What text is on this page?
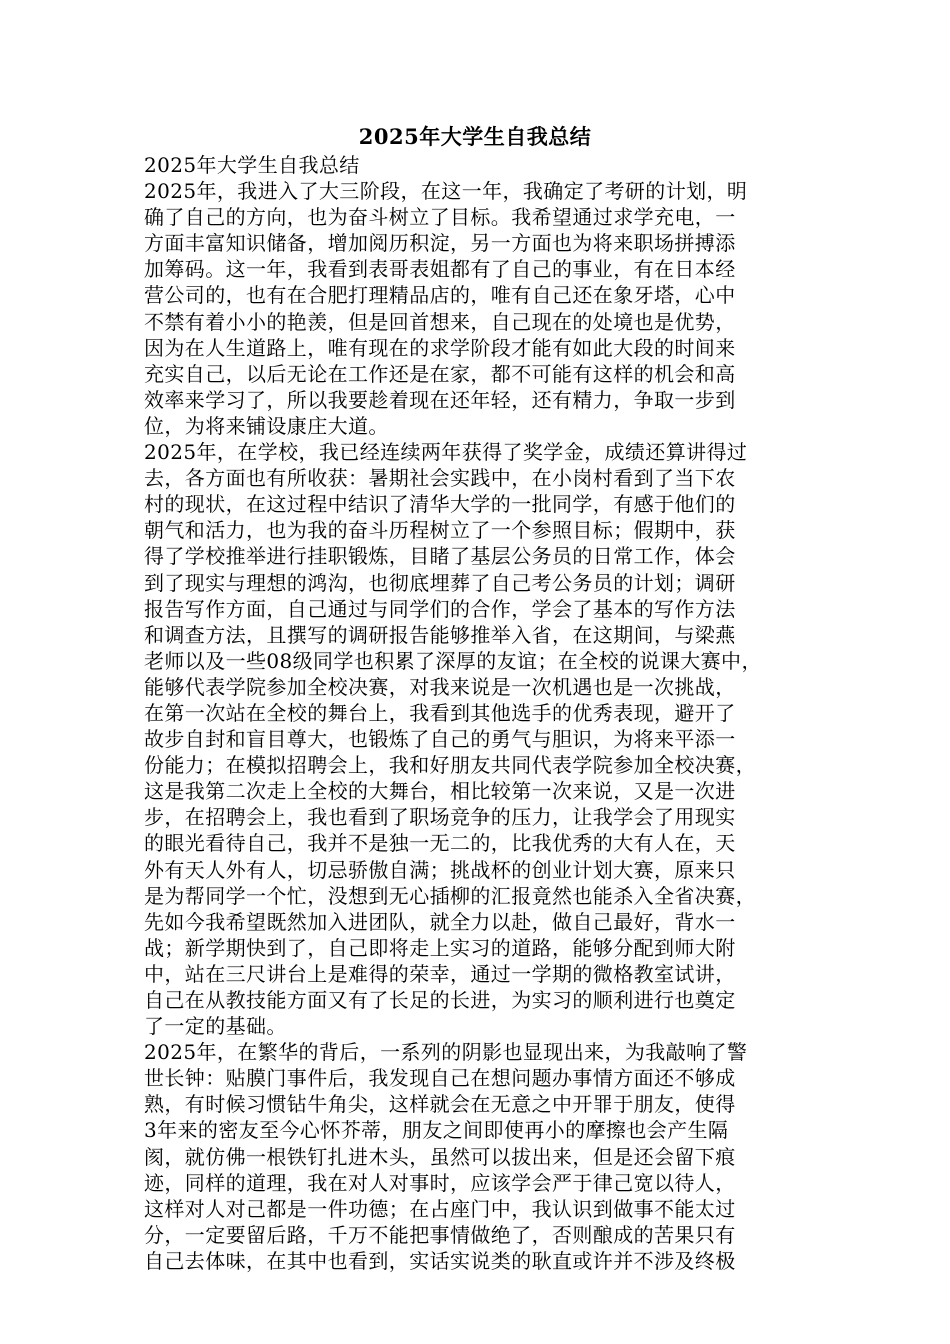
2025年大学生自我总结
2025年大学生自我总结
2025年，我进入了大三阶段，在这一年，我确定了考研的计划，明
确了自己的方向，也为奋斗树立了目标。我希望通过求学充电，一
方面丰富知识储备，增加阅历积淀，另一方面也为将来职场拼搏添
加筹码。这一年，我看到表哥表姐都有了自己的事业，有在日本经
营公司的，也有在合肥打理精品店的，唯有自己还在象牙塔，心中
不禁有着小小的艳羡，但是回首想来，自己现在的处境也是优势，
因为在人生道路上，唯有现在的求学阶段才能有如此大段的时间来
充实自己，以后无论在工作还是在家，都不可能有这样的机会和高
效率来学习了，所以我要趁着现在还年轻，还有精力，争取一步到
位，为将来铺设康庄大道。
2025年，在学校，我已经连续两年获得了奖学金，成绩还算讲得过
去，各方面也有所收获：暑期社会实践中，在小岗村看到了当下农
村的现状，在这过程中结识了清华大学的一批同学，有感于他们的
朝气和活力，也为我的奋斗历程树立了一个参照目标；假期中，获
得了学校推举进行挂职锻炼，目睹了基层公务员的日常工作，体会
到了现实与理想的鸿沟，也彻底埋葬了自己考公务员的计划；调研
报告写作方面，自己通过与同学们的合作，学会了基本的写作方法
和调查方法，且撰写的调研报告能够推举入省，在这期间，与梁燕
老师以及一些08级同学也积累了深厚的友谊；在全校的说课大赛中，
能够代表学院参加全校决赛，对我来说是一次机遇也是一次挑战，
在第一次站在全校的舞台上，我看到其他选手的优秀表现，避开了
故步自封和盲目尊大，也锻炼了自己的勇气与胆识，为将来平添一
份能力；在模拟招聘会上，我和好朋友共同代表学院参加全校决赛，
这是我第二次走上全校的大舞台，相比较第一次来说，又是一次进
步，在招聘会上，我也看到了职场竞争的压力，让我学会了用现实
的眼光看待自己，我并不是独一无二的，比我优秀的大有人在，天
外有天人外有人，切忌骄傲自满；挑战杯的创业计划大赛，原来只
是为帮同学一个忙，没想到无心插柳的汇报竟然也能杀入全省决赛，
先如今我希望既然加入进团队，就全力以赴，做自己最好，背水一
战；新学期快到了，自己即将走上实习的道路，能够分配到师大附
中，站在三尺讲台上是难得的荣幸，通过一学期的微格教室试讲，
自己在从教技能方面又有了长足的长进，为实习的顺利进行也奠定
了一定的基础。
2025年，在繁华的背后，一系列的阴影也显现出来，为我敲响了警
世长钟：贴膜门事件后，我发现自己在想问题办事情方面还不够成
熟，有时候习惯钻牛角尖，这样就会在无意之中开罪于朋友，使得
3年来的密友至今心怀芥蒂，朋友之间即使再小的摩擦也会产生隔
阂，就仿佛一根铁钉扎进木头，虽然可以拔出来，但是还会留下痕
迹，同样的道理，我在对人对事时，应该学会严于律己宽以待人，
这样对人对己都是一件功德；在占座门中，我认识到做事不能太过
分，一定要留后路，千万不能把事情做绝了，否则酿成的苦果只有
自己去体味，在其中也看到，实话实说类的耿直或许并不涉及终极
